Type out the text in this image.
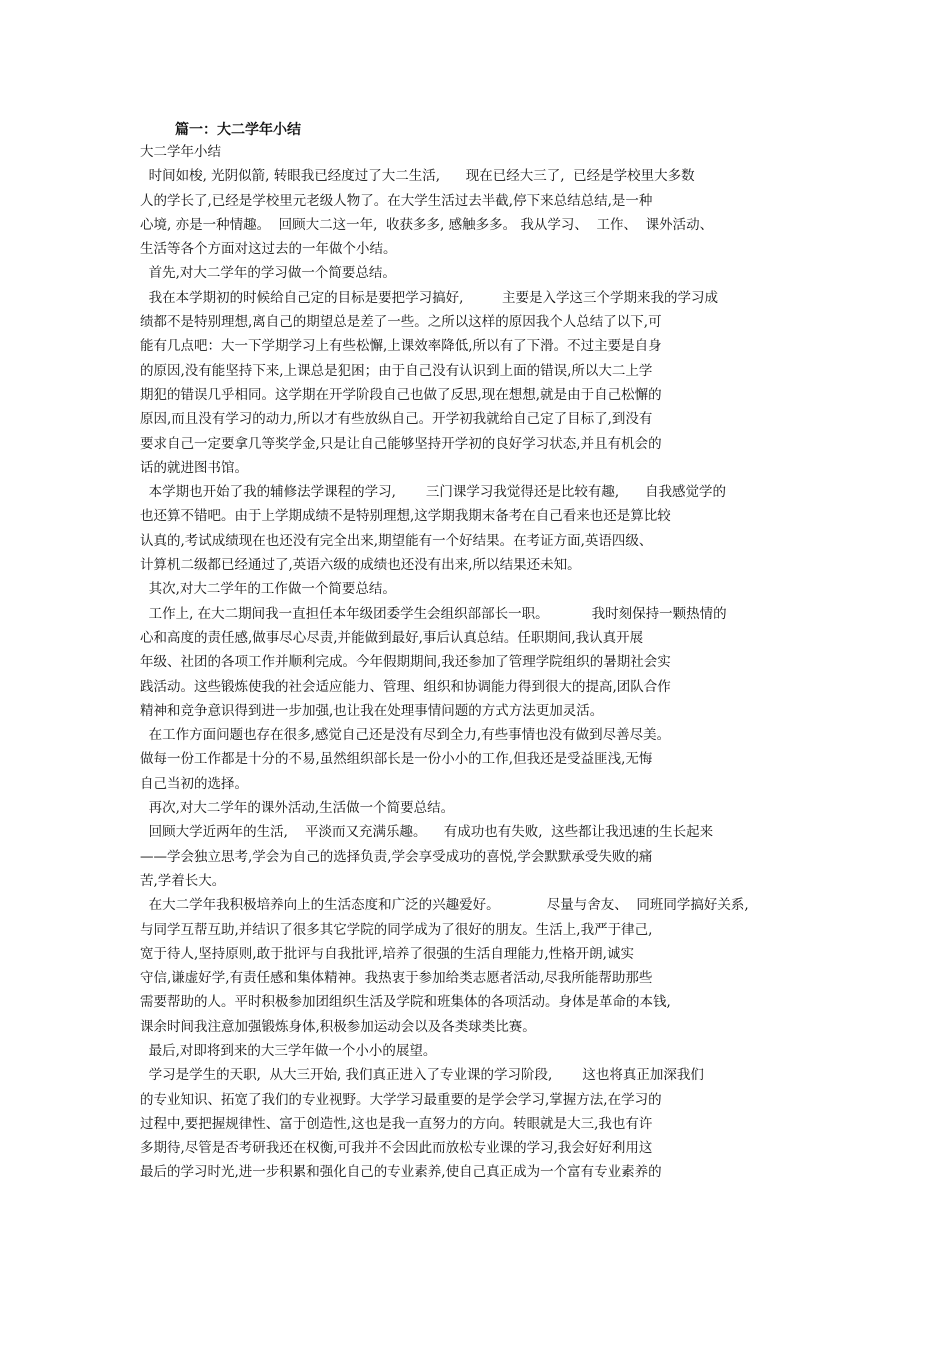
篇一：大二学年小结
大二学年小结
时间如梭, 光阴似箭, 转眼我已经度过了大二生活,      现在已经大三了,  已经是学校里大多数
人的学长了,已经是学校里元老级人物了。在大学生活过去半截,停下来总结总结,是一种
心境, 亦是一种情趣。  回顾大二这一年,  收获多多, 感触多多。 我从学习、  工作、  课外活动、
生活等各个方面对这过去的一年做个小结。
首先,对大二学年的学习做一个简要总结。
我在本学期初的时候给自己定的目标是要把学习搞好,         主要是入学这三个学期来我的学习成
绩都不是特别理想,离自己的期望总是差了一些。之所以这样的原因我个人总结了以下,可
能有几点吧：大一下学期学习上有些松懈,上课效率降低,所以有了下滑。不过主要是自身
的原因,没有能坚持下来,上课总是犯困；由于自己没有认识到上面的错误,所以大二上学
期犯的错误几乎相同。这学期在开学阶段自己也做了反思,现在想想,就是由于自己松懈的
原因,而且没有学习的动力,所以才有些放纵自己。开学初我就给自己定了目标了,到没有
要求自己一定要拿几等奖学金,只是让自己能够坚持开学初的良好学习状态,并且有机会的
话的就进图书馆。
本学期也开始了我的辅修法学课程的学习,       三门课学习我觉得还是比较有趣,      自我感觉学的
也还算不错吧。由于上学期成绩不是特别理想,这学期我期末备考在自己看来也还是算比较
认真的,考试成绩现在也还没有完全出来,期望能有一个好结果。在考证方面,英语四级、
计算机二级都已经通过了,英语六级的成绩也还没有出来,所以结果还未知。
其次,对大二学年的工作做一个简要总结。
工作上, 在大二期间我一直担任本年级团委学生会组织部部长一职。          我时刻保持一颗热情的
心和高度的责任感,做事尽心尽责,并能做到最好,事后认真总结。任职期间,我认真开展
年级、社团的各项工作并顺利完成。今年假期期间,我还参加了管理学院组织的暑期社会实
践活动。这些锻炼使我的社会适应能力、管理、组织和协调能力得到很大的提高,团队合作
精神和竞争意识得到进一步加强,也让我在处理事情问题的方式方法更加灵活。
在工作方面问题也存在很多,感觉自己还是没有尽到全力,有些事情也没有做到尽善尽美。
做每一份工作都是十分的不易,虽然组织部长是一份小小的工作,但我还是受益匪浅,无悔
自己当初的选择。
再次,对大二学年的课外活动,生活做一个简要总结。
回顾大学近两年的生活,    平淡而又充满乐趣。    有成功也有失败,  这些都让我迅速的生长起来
——学会独立思考,学会为自己的选择负责,学会享受成功的喜悦,学会默默承受失败的痛
苦,学着长大。
在大二学年我积极培养向上的生活态度和广泛的兴趣爱好。           尽量与舍友、  同班同学搞好关系,
与同学互帮互助,并结识了很多其它学院的同学成为了很好的朋友。生活上,我严于律己,
宽于待人,坚持原则,敢于批评与自我批评,培养了很强的生活自理能力,性格开朗,诚实
守信,谦虚好学,有责任感和集体精神。我热衷于参加给类志愿者活动,尽我所能帮助那些
需要帮助的人。平时积极参加团组织生活及学院和班集体的各项活动。身体是革命的本钱,
课余时间我注意加强锻炼身体,积极参加运动会以及各类球类比赛。
最后,对即将到来的大三学年做一个小小的展望。
学习是学生的天职,  从大三开始, 我们真正进入了专业课的学习阶段,       这也将真正加深我们
的专业知识、拓宽了我们的专业视野。大学学习最重要的是学会学习,掌握方法,在学习的
过程中,要把握规律性、富于创造性,这也是我一直努力的方向。转眼就是大三,我也有许
多期待,尽管是否考研我还在权衡,可我并不会因此而放松专业课的学习,我会好好利用这
最后的学习时光,进一步积累和强化自己的专业素养,使自己真正成为一个富有专业素养的
